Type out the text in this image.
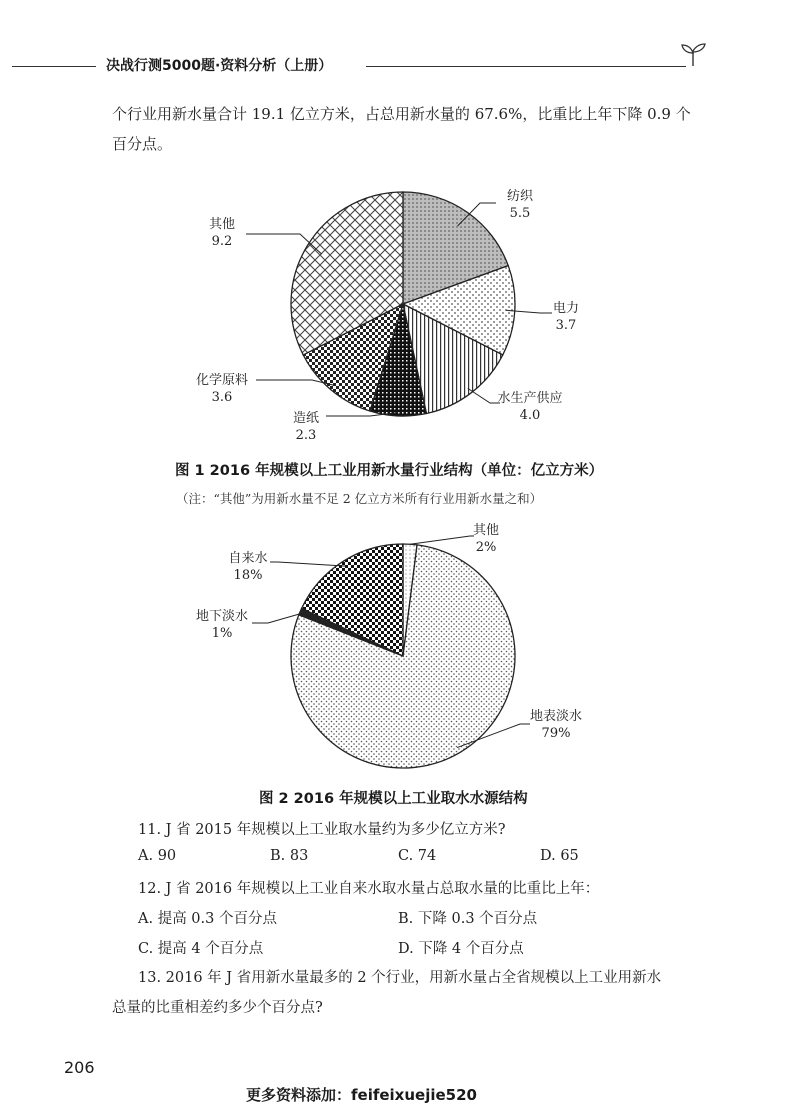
决战行测5000题·资料分析（上册）
个行业用新水量合计 19.1 亿立方米，占总用新水量的 67.6%，比重比上年下降 0.9 个
百分点。
纺织
5.5
电力
3.7
水生产供应
4.0
造纸
2.3
化学原料
3.6
其他
9.2
图 1 2016 年规模以上工业用新水量行业结构（单位：亿立方米）
（注：“其他”为用新水量不足 2 亿立方米所有行业用新水量之和）
其他
2%
地表淡水
79%
地下淡水
1%
自来水
18%
图 2 2016 年规模以上工业取水水源结构
11. J 省 2015 年规模以上工业取水量约为多少亿立方米?
A. 90	B. 83	C. 74	D. 65
12. J 省 2016 年规模以上工业自来水取水量占总取水量的比重比上年：
A. 提高 0.3 个百分点	B. 下降 0.3 个百分点
C. 提高 4 个百分点	D. 下降 4 个百分点
13. 2016 年 J 省用新水量最多的 2 个行业，用新水量占全省规模以上工业用新水
总量的比重相差约多少个百分点?
206
更多资料添加：feifeixuejie520
